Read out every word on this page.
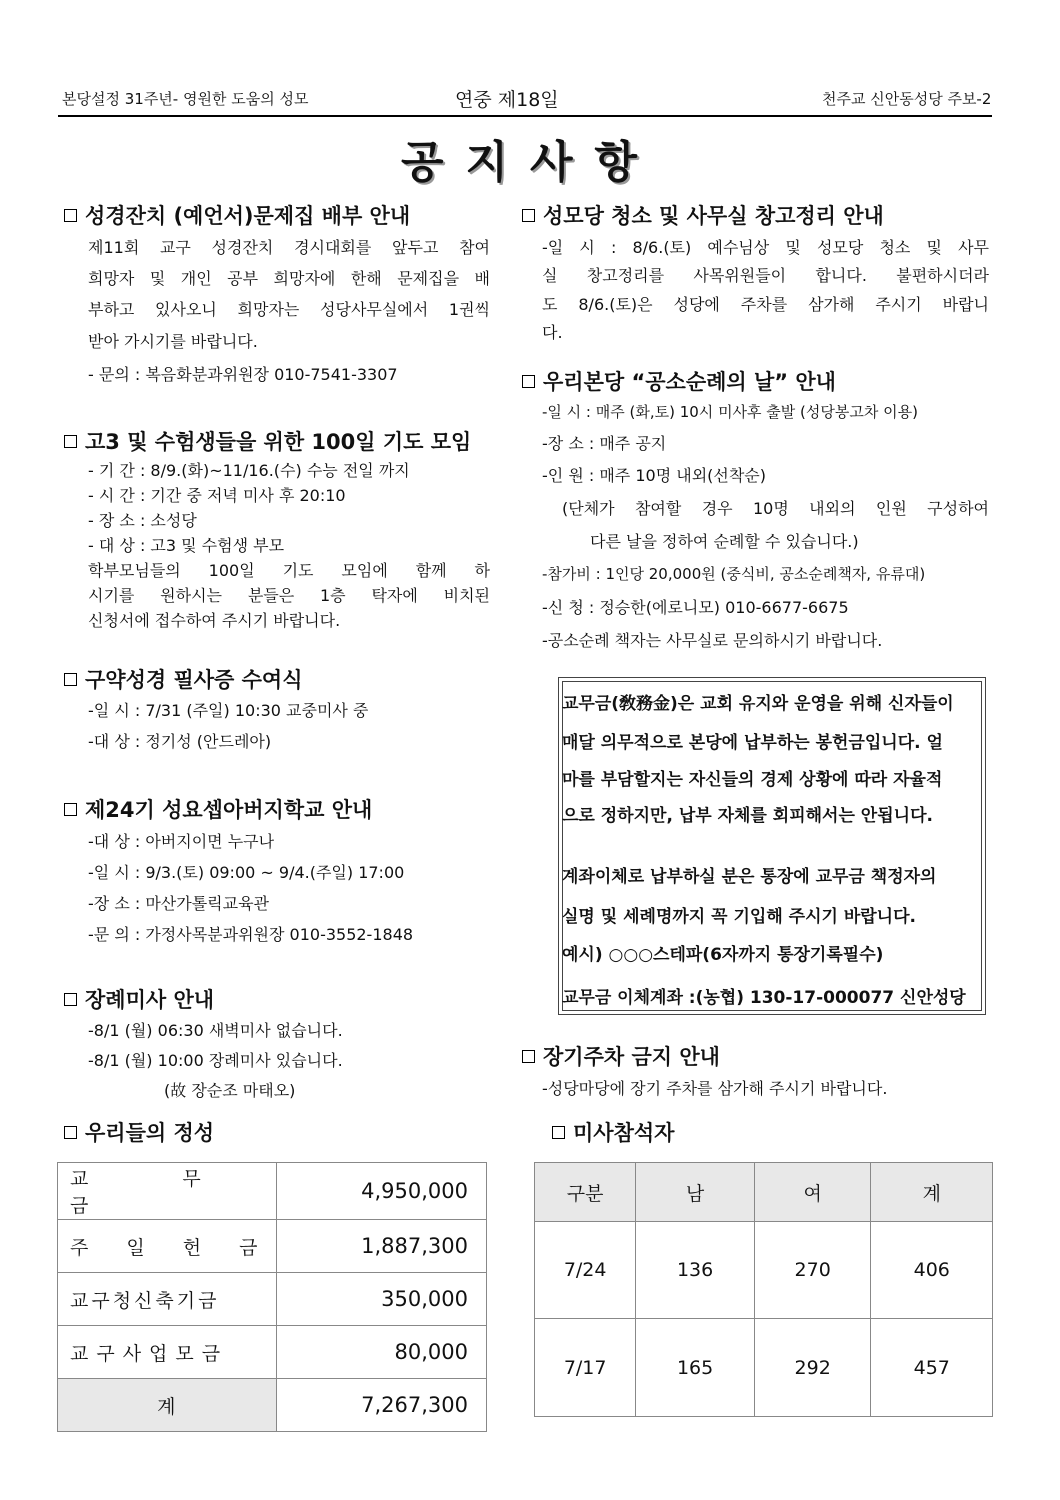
본당설정 31주년- 영원한 도움의 성모	연중 제18일	천주교 신안동성당 주보-2
공지사항
성경잔치 (예언서)문제집 배부 안내
제11회 교구 성경잔치 경시대회를 앞두고 참여
희망자 및 개인 공부 희망자에 한해 문제집을 배
부하고 있사오니 희망자는 성당사무실에서 1권씩
받아 가시기를 바랍니다.
- 문의 : 복음화분과위원장 010-7541-3307
고3 및 수험생들을 위한 100일 기도 모임
- 기 간 : 8/9.(화)~11/16.(수) 수능 전일 까지
- 시 간 : 기간 중 저녁 미사 후 20:10
- 장 소 : 소성당
- 대 상 : 고3 및 수험생 부모
학부모님들의 100일 기도 모임에 함께 하
시기를 원하시는 분들은 1층 탁자에 비치된
신청서에 접수하여 주시기 바랍니다.
구약성경 필사증 수여식
-일 시 : 7/31 (주일) 10:30 교중미사 중
-대 상 : 정기성 (안드레아)
제24기 성요셉아버지학교 안내
-대 상 : 아버지이면 누구나
-일 시 : 9/3.(토) 09:00 ~ 9/4.(주일) 17:00
-장 소 : 마산가톨릭교육관
-문 의 : 가정사목분과위원장 010-3552-1848
장례미사 안내
-8/1 (월) 06:30 새벽미사 없습니다.
-8/1 (월) 10:00 장례미사 있습니다.
(故 장순조 마태오)
성모당 청소 및 사무실 창고정리 안내
-일 시 : 8/6.(토) 예수님상 및 성모당 청소 및 사무
실 창고정리를 사목위원들이 합니다. 불편하시더라
도 8/6.(토)은 성당에 주차를 삼가해 주시기 바랍니
다.
우리본당 “공소순례의 날” 안내
-일 시 : 매주 (화,토) 10시 미사후 출발 (성당봉고차 이용)
-장 소 : 매주 공지
-인 원 : 매주 10명 내외(선착순)
(단체가 참여할 경우 10명 내외의 인원 구성하여
다른 날을 정하여 순례할 수 있습니다.)
-참가비 : 1인당 20,000원 (중식비, 공소순례책자, 유류대)
-신 청 : 정승한(에로니모) 010-6677-6675
-공소순례 책자는 사무실로 문의하시기 바랍니다.
교무금(敎務金)은 교회 유지와 운영을 위해 신자들이
매달 의무적으로 본당에 납부하는 봉헌금입니다. 얼
마를 부담할지는 자신들의 경제 상황에 따라 자율적
으로 정하지만, 납부 자체를 회피해서는 안됩니다.
계좌이체로 납부하실 분은 통장에 교무금 책정자의
실명 및 세례명까지 꼭 기입해 주시기 바랍니다.
예시) ○○○스테파(6자까지 통장기록필수)
교무금 이체계좌 :(농협) 130-17-000077 신안성당
장기주차 금지 안내
-성당마당에 장기 주차를 삼가해 주시기 바랍니다.
우리들의 정성
교 무 금	4,950,000
주 일 헌 금	1,887,300
교구청신축기금	350,000
교구사업모금	80,000
계	7,267,300
미사참석자
구분	남	여	계
7/24	136	270	406
7/17	165	292	457
